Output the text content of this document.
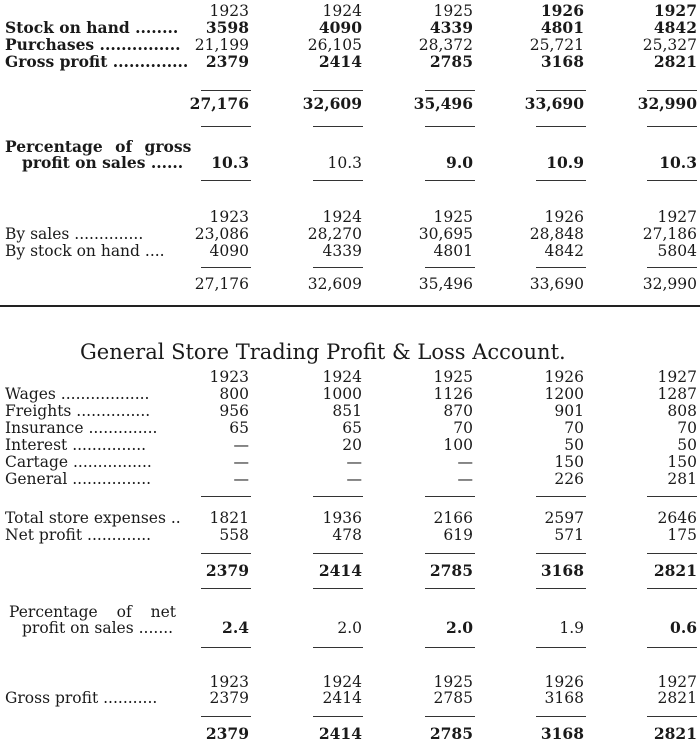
1923	1924	1925	1926	1927
Stock on hand ........ 3598	4090	4339	4801	4842
Purchases ............... 21,199	26,105	28,372	25,721	25,327
Gross profit .............. 2379	2414	2785	3168	2821
27,176	32,609	35,496	33,690	32,990
Percentage of gross
profit on sales ...... 10.3	10.3	9.0	10.9	10.3
1923	1924	1925	1926	1927
By sales ..............	23,086	28,270	30,695	28,848	27,186
By stock on hand ....	4090	4339	4801	4842	5804
27,176	32,609	35,496	33,690	32,990
General Store Trading Profit & Loss Account.
1923	1924	1925	1926	1927
Wages ..................	800	1000	1126	1200	1287
Freights ...............	956	851	870	901	808
Insurance ..............	65	65	70	70	70
Interest ...............	—	20	100	50	50
Cartage ................	—	—	—	150	150
General ................	—	—	—	226	281
Total store expenses .. 1821	1936	2166	2597	2646
Net profit .............	558	478	619	571	175
2379	2414	2785	3168	2821
Percentage of net
profit on sales .......	2.4	2.0	2.0	1.9	0.6
1923	1924	1925	1926	1927
Gross profit ...........	2379	2414	2785	3168	2821
2379	2414	2785	3168	2821
